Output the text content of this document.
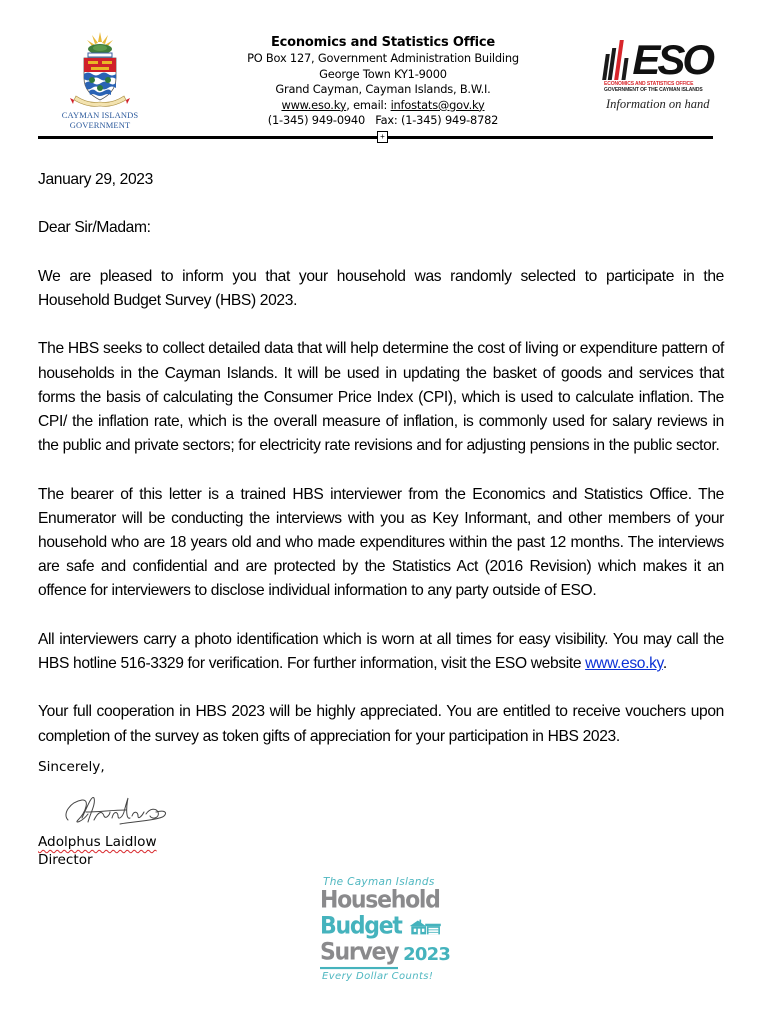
CAYMAN ISLANDS
GOVERNMENT
Economics and Statistics Office
PO Box 127, Government Administration Building
George Town KY1-9000
Grand Cayman, Cayman Islands, B.W.I.
www.eso.ky, email: infostats@gov.ky
(1-345) 949-0940 Fax: (1-345) 949-8782
ESO
ECONOMICS AND STATISTICS OFFICE
GOVERNMENT OF THE CAYMAN ISLANDS
Information on hand
+

January 29, 2023

Dear Sir/Madam:

We are pleased to inform you that your household was randomly selected to participate in the Household Budget Survey (HBS) 2023.

The HBS seeks to collect detailed data that will help determine the cost of living or expenditure pattern of households in the Cayman Islands. It will be used in updating the basket of goods and services that forms the basis of calculating the Consumer Price Index (CPI), which is used to calculate inflation. The CPI/ the inflation rate, which is the overall measure of inflation, is commonly used for salary reviews in the public and private sectors; for electricity rate revisions and for adjusting pensions in the public sector.

The bearer of this letter is a trained HBS interviewer from the Economics and Statistics Office. The Enumerator will be conducting the interviews with you as Key Informant, and other members of your household who are 18 years old and who made expenditures within the past 12 months. The interviews are safe and confidential and are protected by the Statistics Act (2016 Revision) which makes it an offence for interviewers to disclose individual information to any party outside of ESO.

All interviewers carry a photo identification which is worn at all times for easy visibility. You may call the HBS hotline 516-3329 for verification. For further information, visit the ESO website www.eso.ky.

Your full cooperation in HBS 2023 will be highly appreciated. You are entitled to receive vouchers upon completion of the survey as token gifts of appreciation for your participation in HBS 2023.

Sincerely,
Adolphus Laidlow
Director
The Cayman Islands
Household
Budget
Survey 2023
Every Dollar Counts!
